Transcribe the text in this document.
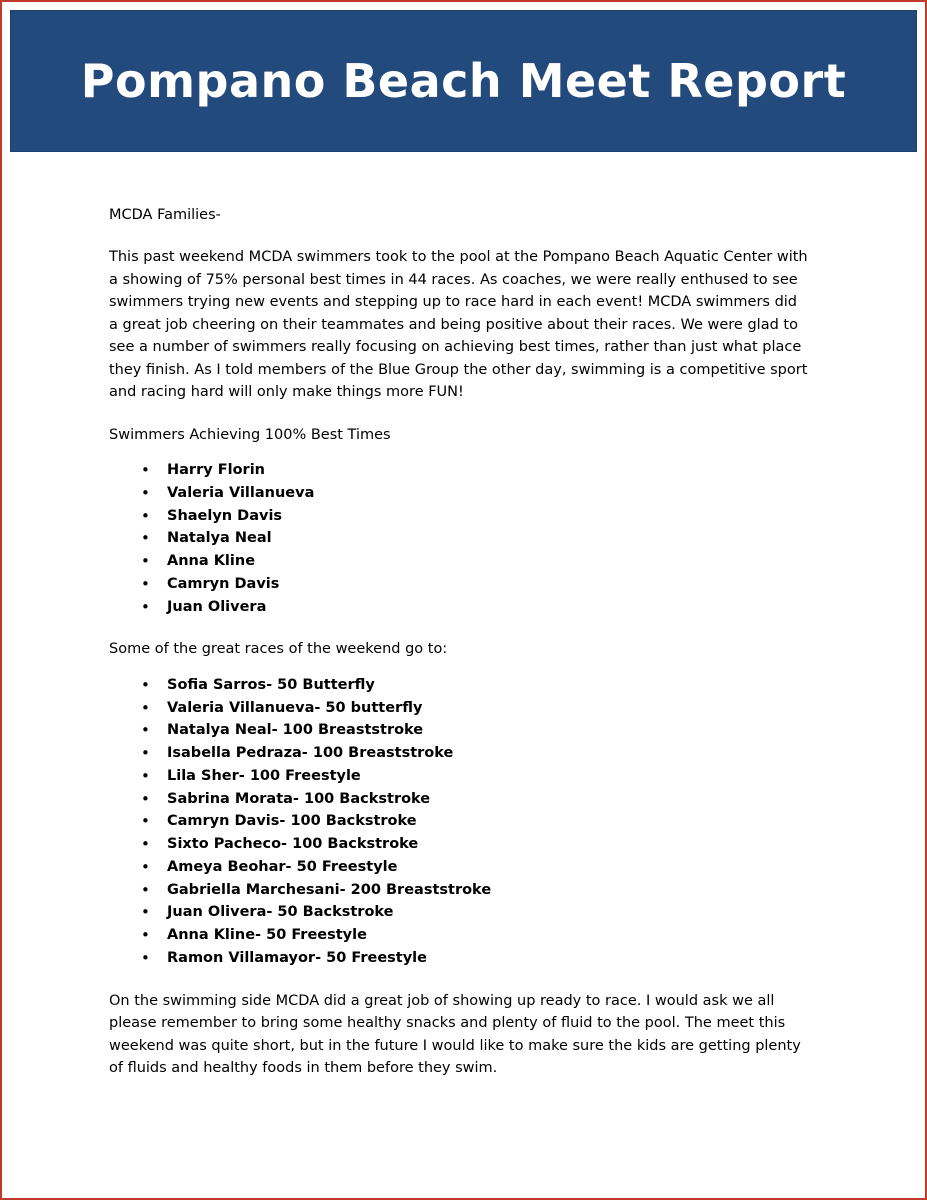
Pompano Beach Meet Report

MCDA Families-

This past weekend MCDA swimmers took to the pool at the Pompano Beach Aquatic Center with a showing of 75% personal best times in 44 races. As coaches, we were really enthused to see swimmers trying new events and stepping up to race hard in each event! MCDA swimmers did a great job cheering on their teammates and being positive about their races. We were glad to see a number of swimmers really focusing on achieving best times, rather than just what place they finish. As I told members of the Blue Group the other day, swimming is a competitive sport and racing hard will only make things more FUN!

Swimmers Achieving 100% Best Times

• Harry Florin
• Valeria Villanueva
• Shaelyn Davis
• Natalya Neal
• Anna Kline
• Camryn Davis
• Juan Olivera

Some of the great races of the weekend go to:

• Sofia Sarros- 50 Butterfly
• Valeria Villanueva- 50 butterfly
• Natalya Neal- 100 Breaststroke
• Isabella Pedraza- 100 Breaststroke
• Lila Sher- 100 Freestyle
• Sabrina Morata- 100 Backstroke
• Camryn Davis- 100 Backstroke
• Sixto Pacheco- 100 Backstroke
• Ameya Beohar- 50 Freestyle
• Gabriella Marchesani- 200 Breaststroke
• Juan Olivera- 50 Backstroke
• Anna Kline- 50 Freestyle
• Ramon Villamayor- 50 Freestyle

On the swimming side MCDA did a great job of showing up ready to race. I would ask we all please remember to bring some healthy snacks and plenty of fluid to the pool. The meet this weekend was quite short, but in the future I would like to make sure the kids are getting plenty of fluids and healthy foods in them before they swim.
